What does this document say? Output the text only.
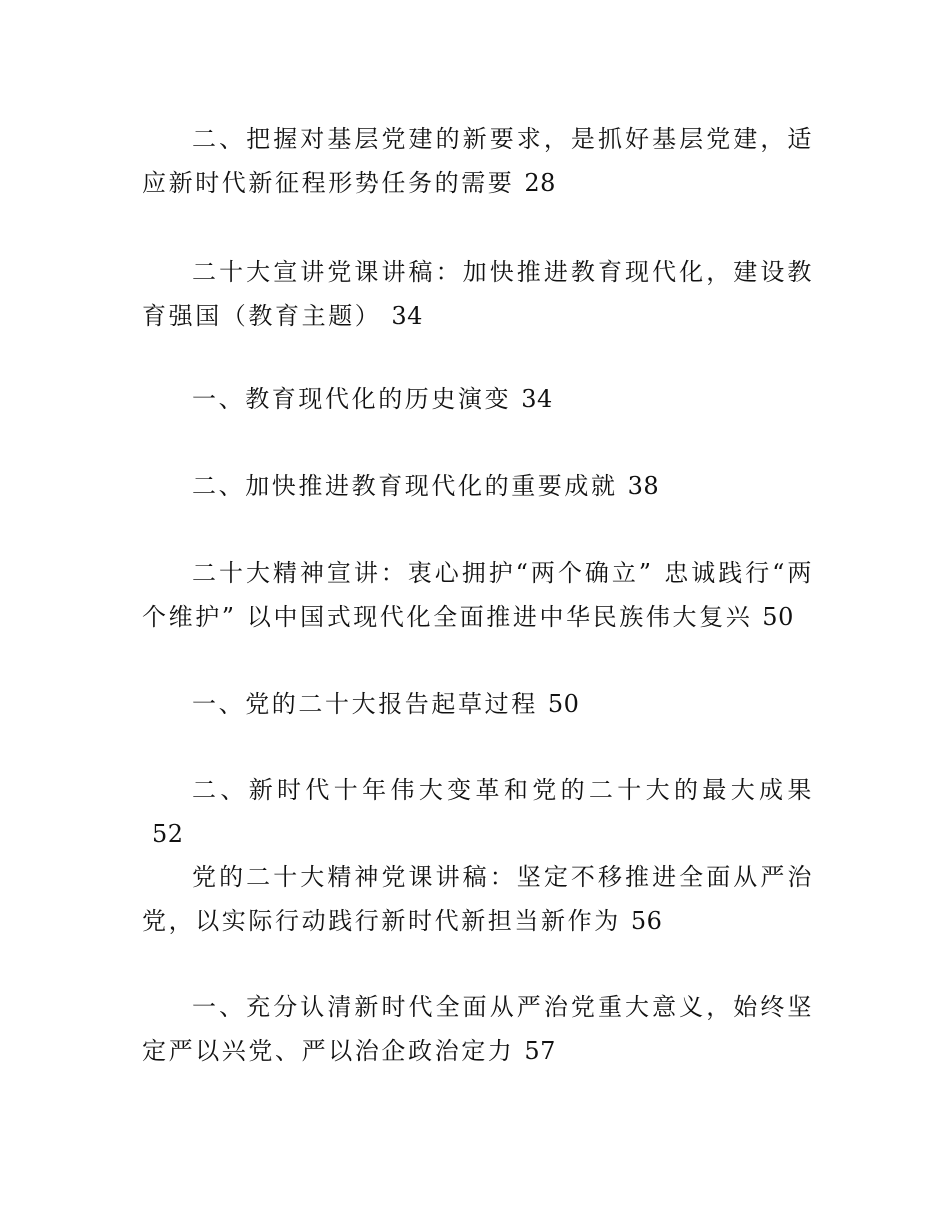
二、把握对基层党建的新要求，是抓好基层党建，适应新时代新征程形势任务的需要 28

二十大宣讲党课讲稿：加快推进教育现代化，建设教育强国（教育主题） 34

一、教育现代化的历史演变 34

二、加快推进教育现代化的重要成就 38

二十大精神宣讲：衷心拥护“两个确立” 忠诚践行“两个维护” 以中国式现代化全面推进中华民族伟大复兴 50

一、党的二十大报告起草过程 50

二、新时代十年伟大变革和党的二十大的最大成果52

党的二十大精神党课讲稿：坚定不移推进全面从严治党，以实际行动践行新时代新担当新作为 56

一、充分认清新时代全面从严治党重大意义，始终坚定严以兴党、严以治企政治定力 57
